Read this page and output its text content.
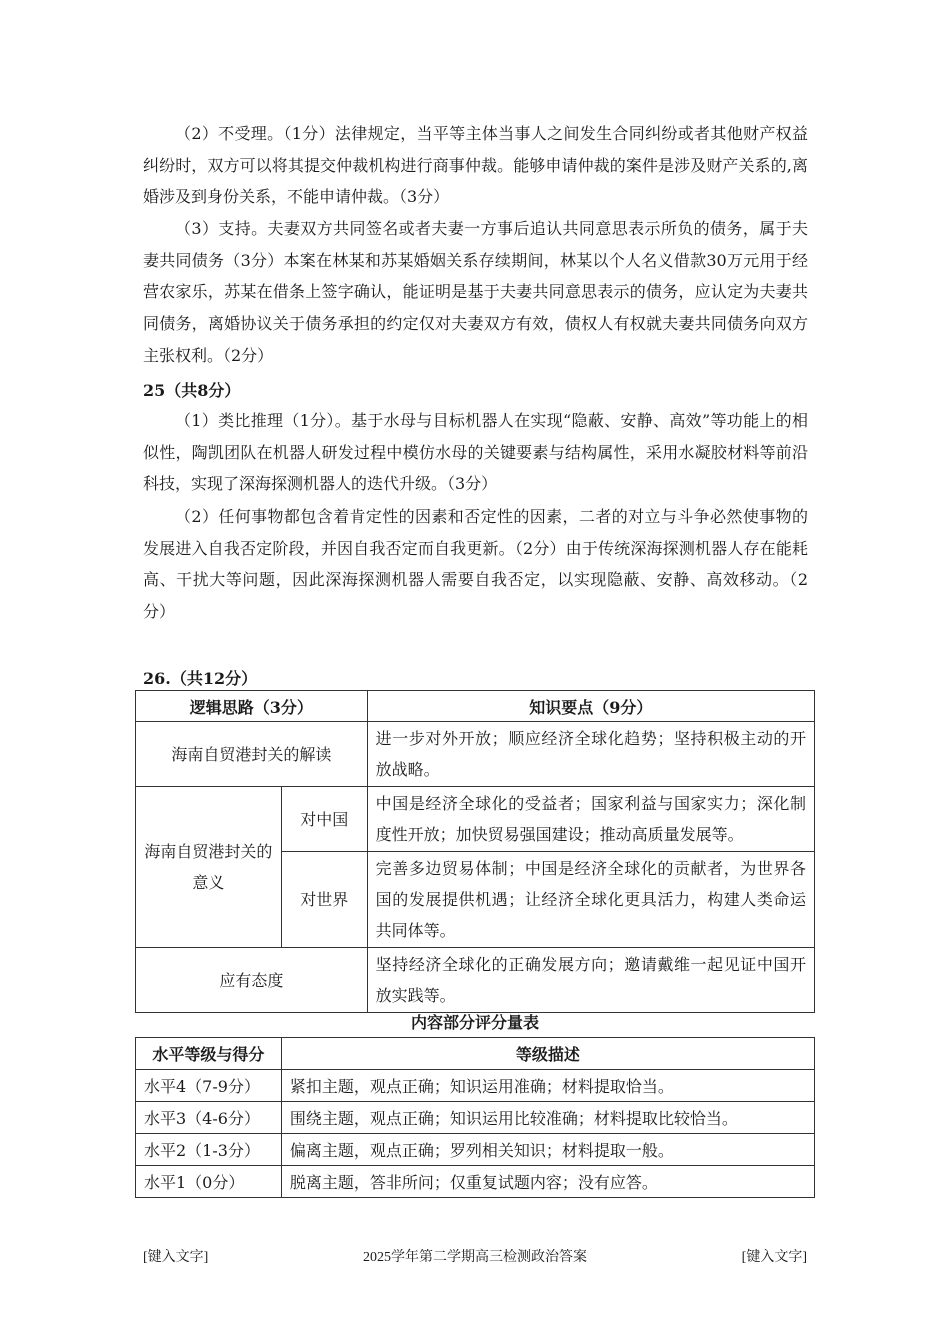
（2）不受理。（1分）法律规定，当平等主体当事人之间发生合同纠纷或者其他财产权益纠纷时，双方可以将其提交仲裁机构进行商事仲裁。能够申请仲裁的案件是涉及财产关系的,离婚涉及到身份关系，不能申请仲裁。（3分）

（3）支持。夫妻双方共同签名或者夫妻一方事后追认共同意思表示所负的债务，属于夫妻共同债务（3分）本案在林某和苏某婚姻关系存续期间，林某以个人名义借款30万元用于经营农家乐，苏某在借条上签字确认，能证明是基于夫妻共同意思表示的债务，应认定为夫妻共同债务，离婚协议关于债务承担的约定仅对夫妻双方有效，债权人有权就夫妻共同债务向双方主张权利。（2分）

25（共8分）

（1）类比推理（1分）。基于水母与目标机器人在实现“隐蔽、安静、高效”等功能上的相似性，陶凯团队在机器人研发过程中模仿水母的关键要素与结构属性，采用水凝胶材料等前沿科技，实现了深海探测机器人的迭代升级。（3分）

（2）任何事物都包含着肯定性的因素和否定性的因素，二者的对立与斗争必然使事物的发展进入自我否定阶段，并因自我否定而自我更新。（2分）由于传统深海探测机器人存在能耗高、干扰大等问题，因此深海探测机器人需要自我否定，以实现隐蔽、安静、高效移动。（2分）

26.（共12分）

逻辑思路（3分）		知识要点（9分）
海南自贸港封关的解读		进一步对外开放；顺应经济全球化趋势；坚持积极主动的开放战略。
海南自贸港封关的意义	对中国	中国是经济全球化的受益者；国家利益与国家实力；深化制度性开放；加快贸易强国建设；推动高质量发展等。
	对世界	完善多边贸易体制；中国是经济全球化的贡献者，为世界各国的发展提供机遇；让经济全球化更具活力，构建人类命运共同体等。
应有态度		坚持经济全球化的正确发展方向；邀请戴维一起见证中国开放实践等。
内容部分评分量表
水平等级与得分	等级描述
水平4（7-9分）	紧扣主题，观点正确；知识运用准确；材料提取恰当。
水平3（4-6分）	围绕主题，观点正确；知识运用比较准确；材料提取比较恰当。
水平2（1-3分）	偏离主题，观点正确；罗列相关知识；材料提取一般。
水平1（0分）	脱离主题，答非所问；仅重复试题内容；没有应答。
[键入文字]	2025学年第二学期高三检测政治答案	[键入文字]
